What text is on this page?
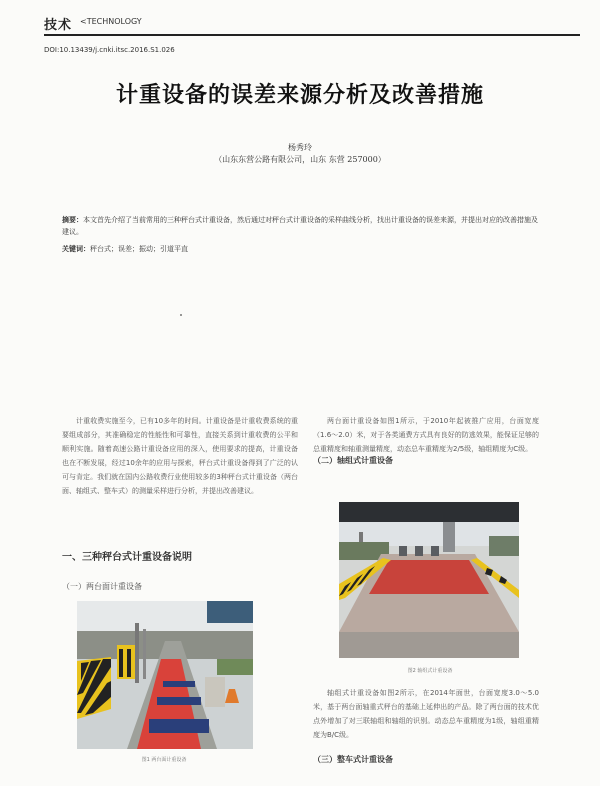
技术 <TECHNOLOGY
DOI:10.13439/j.cnki.itsc.2016.S1.026
计重设备的误差来源分析及改善措施
杨秀玲
（山东东营公路有限公司，山东 东营 257000）
摘要：本文首先介绍了当前常用的三种秤台式计重设备，然后通过对秤台式计重设备的采样曲线分析，找出计重设备的误差来源，并提出对应的改善措施及建议。
关键词：秤台式；误差；振动；引道平直
计重收费实施至今，已有10多年的时间。计重设备是计重收费系统的重要组成部分，其准确稳定的性能性和可靠性，直接关系到计重收费的公平和顺利实施。随着高速公路计重设备应用的深入，使用要求的提高，计重设备也在不断发展，经过10余年的应用与探索，秤台式计重设备得到了广泛的认可与肯定。我们就在国内公路收费行业使用较多的3种秤台式计重设备（两台面、轴组式、整车式）的测量采样进行分析，并提出改善建议。
一、三种秤台式计重设备说明
（一）两台面计重设备
图1 两台面计重设备
两台面计重设备如图1所示，于2010年起被推广应用，台面宽度（1.6～2.0）米，对于各类通费方式具有良好的防逃效果，能保证足够的总重精度和轴重测量精度，动态总车重精度为2/5级，轴组精度为C级。
（二）轴组式计重设备
图2 轴组式计重设备
轴组式计重设备如图2所示，在2014年面世，台面宽度3.0～5.0米，基于两台面轴重式秤台的基础上延伸出的产品。除了两台面的技术优点外增加了对三联轴组和轴组的识别。动态总车重精度为1级，轴组重精度为B/C级。
（三）整车式计重设备
